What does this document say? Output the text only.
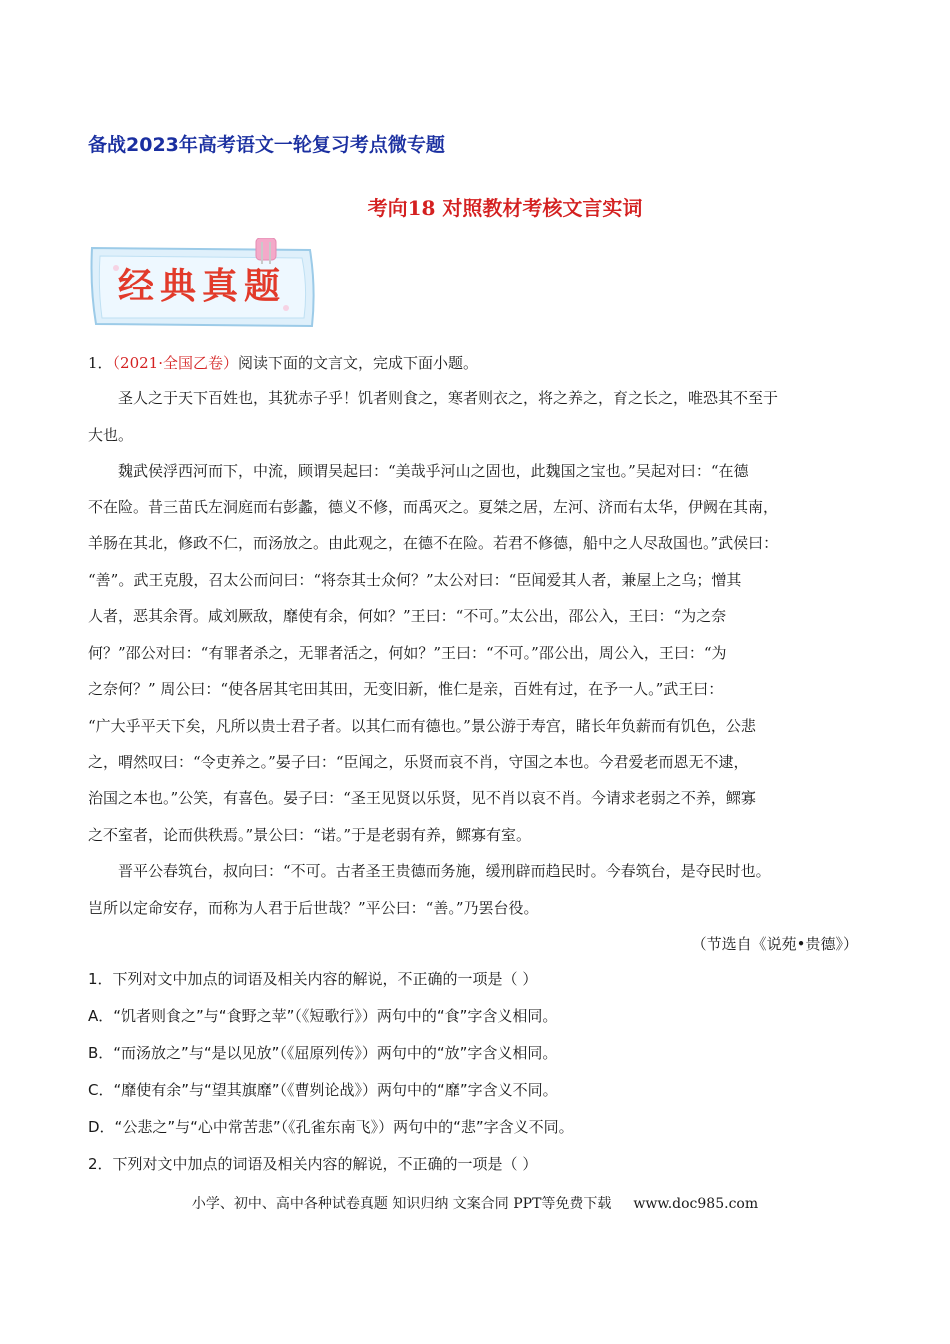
备战2023年高考语文一轮复习考点微专题
考向18 对照教材考核文言实词
经典真题
1．（2021·全国乙卷）阅读下面的文言文，完成下面小题。
圣人之于天下百姓也，其犹赤子乎！饥者则食之，寒者则衣之，将之养之，育之长之，唯恐其不至于
大也。
魏武侯浮西河而下，中流，顾谓吴起曰：“美哉乎河山之固也，此魏国之宝也。”吴起对曰：“在德
不在险。昔三苗氏左洞庭而右彭蠡，德义不修，而禹灭之。夏桀之居，左河、济而右太华，伊阙在其南，
羊肠在其北，修政不仁，而汤放之。由此观之，在德不在险。若君不修德，船中之人尽敌国也。”武侯曰：
“善”。武王克殷，召太公而问曰：“将奈其士众何？”太公对曰：“臣闻爱其人者，兼屋上之乌；憎其
人者，恶其余胥。咸刘厥敌，靡使有余，何如？”王曰：“不可。”太公出，邵公入，王曰：“为之奈
何？”邵公对曰：“有罪者杀之，无罪者活之，何如？”王曰：“不可。”邵公出，周公入，王曰：“为
之奈何？” 周公曰：“使各居其宅田其田，无变旧新，惟仁是亲，百姓有过，在予一人。”武王曰：
“广大乎平天下矣，凡所以贵士君子者。以其仁而有德也。”景公游于寿宫，睹长年负薪而有饥色，公悲
之，喟然叹曰：“令吏养之。”晏子曰：“臣闻之，乐贤而哀不肖，守国之本也。今君爱老而恩无不逮，
治国之本也。”公笑，有喜色。晏子曰：“圣王见贤以乐贤，见不肖以哀不肖。今请求老弱之不养，鳏寡
之不室者，论而供秩焉。”景公曰：“诺。”于是老弱有养，鳏寡有室。
晋平公春筑台，叔向曰：“不可。古者圣王贵德而务施，缓刑辟而趋民时。今春筑台，是夺民时也。
岂所以定命安存，而称为人君于后世哉？”平公曰：“善。”乃罢台役。
（节选自《说苑•贵德》）
1．下列对文中加点的词语及相关内容的解说，不正确的一项是（ ）
A．“饥者则食之”与“食野之苹”（《短歌行》）两句中的“食”字含义相同。
B．“而汤放之”与“是以见放”（《屈原列传》）两句中的“放”字含义相同。
C．“靡使有余”与“望其旗靡”（《曹刿论战》）两句中的“靡”字含义不同。
D．“公悲之”与“心中常苦悲”（《孔雀东南飞》）两句中的“悲”字含义不同。
2．下列对文中加点的词语及相关内容的解说，不正确的一项是（ ）
小学、初中、高中各种试卷真题 知识归纳 文案合同 PPT等免费下载 www.doc985.com
